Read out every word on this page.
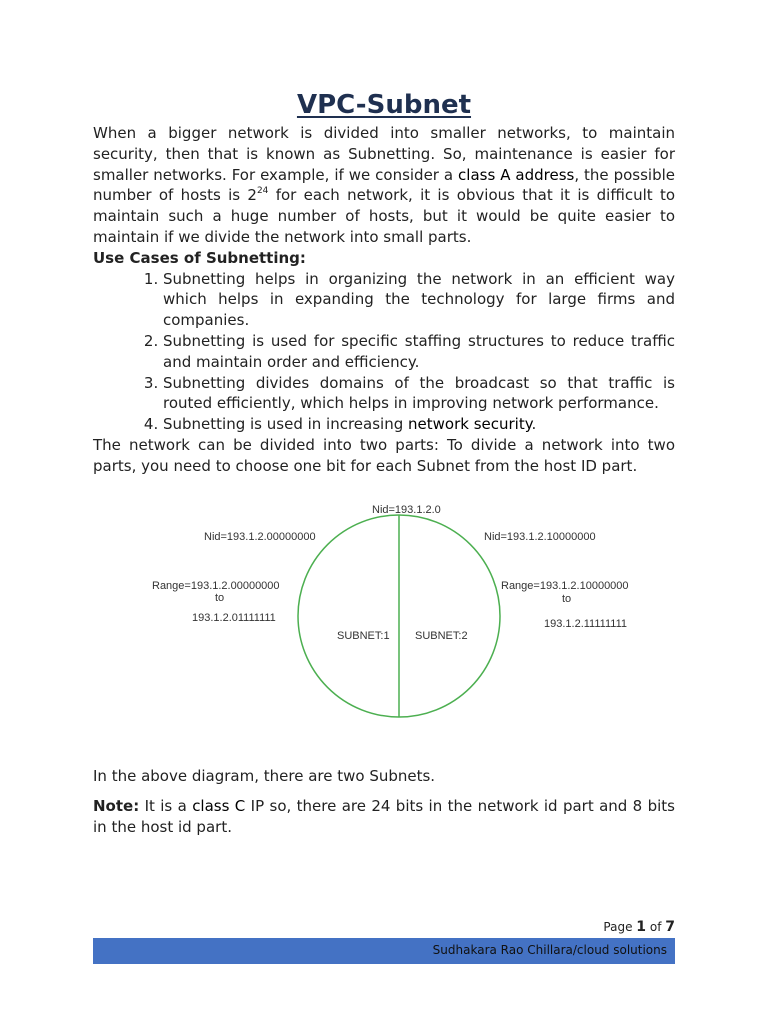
VPC-Subnet

When a bigger network is divided into smaller networks, to maintain security, then that is known as Subnetting. So, maintenance is easier for smaller networks. For example, if we consider a class A address, the possible number of hosts is $2^{24}$ for each network, it is obvious that it is difficult to maintain such a huge number of hosts, but it would be quite easier to maintain if we divide the network into small parts.

Use Cases of Subnetting:

1. Subnetting helps in organizing the network in an efficient way which helps in expanding the technology for large firms and companies.
2. Subnetting is used for specific staffing structures to reduce traffic and maintain order and efficiency.
3. Subnetting divides domains of the broadcast so that traffic is routed efficiently, which helps in improving network performance.
4. Subnetting is used in increasing network security.

The network can be divided into two parts: To divide a network into two parts, you need to choose one bit for each Subnet from the host ID part.

Nid=193.1.2.0
Nid=193.1.2.00000000	Nid=193.1.2.10000000
Range=193.1.2.00000000
to
193.1.2.01111111
Range=193.1.2.10000000
to
193.1.2.11111111
SUBNET:1 SUBNET:2

In the above diagram, there are two Subnets.

Note: It is a class C IP so, there are 24 bits in the network id part and 8 bits in the host id part.

Page 1 of 7
Sudhakara Rao Chillara/cloud solutions
